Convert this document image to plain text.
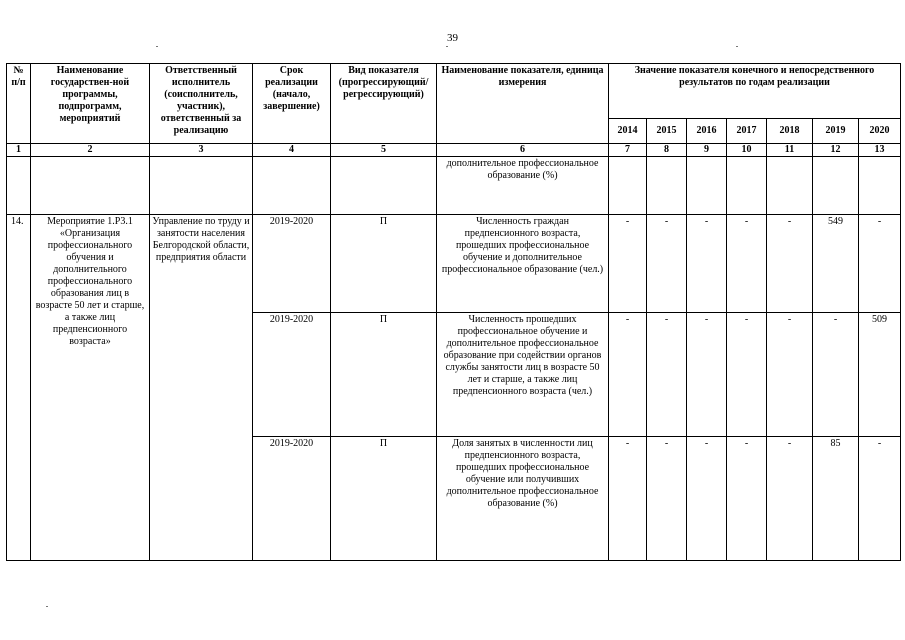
39
№ п/п	Наименование государствен-ной программы, подпрограмм, мероприятий	Ответственный исполнитель (соисполнитель, участник), ответственный за реализацию	Срок реализации (начало, завершение)	Вид показателя (прогрессирующий/ регрессирующий)	Наименование показателя, единица измерения	Значение показателя конечного и непосредственного результатов по годам реализации						
						2014	2015	2016	2017	2018	2019	2020
1	2	3	4	5	6	7	8	9	10	11	12	13
					дополнительное профессиональное образование (%)							
14.	Мероприятие 1.Р3.1 «Организация профессионального обучения и дополнительного профессионального образования лиц в возрасте 50 лет и старше, а также лиц предпенсионного возраста»	Управление по труду и занятости населения Белгородской области, предприятия области	2019-2020	П	Численность граждан предпенсионного возраста, прошедших профессиональное обучение и дополнительное профессиональное образование (чел.)	-	-	-	-	-	549	-
			2019-2020	П	Численность прошедших профессиональное обучение и дополнительное профессиональное образование при содействии органов службы занятости лиц в возрасте 50 лет и старше, а также лиц предпенсионного возраста (чел.)	-	-	-	-	-	-	509
			2019-2020	П	Доля занятых в численности лиц предпенсионного возраста, прошедших профессиональное обучение или получивших дополнительное профессиональное образование (%)	-	-	-	-	-	85	-
